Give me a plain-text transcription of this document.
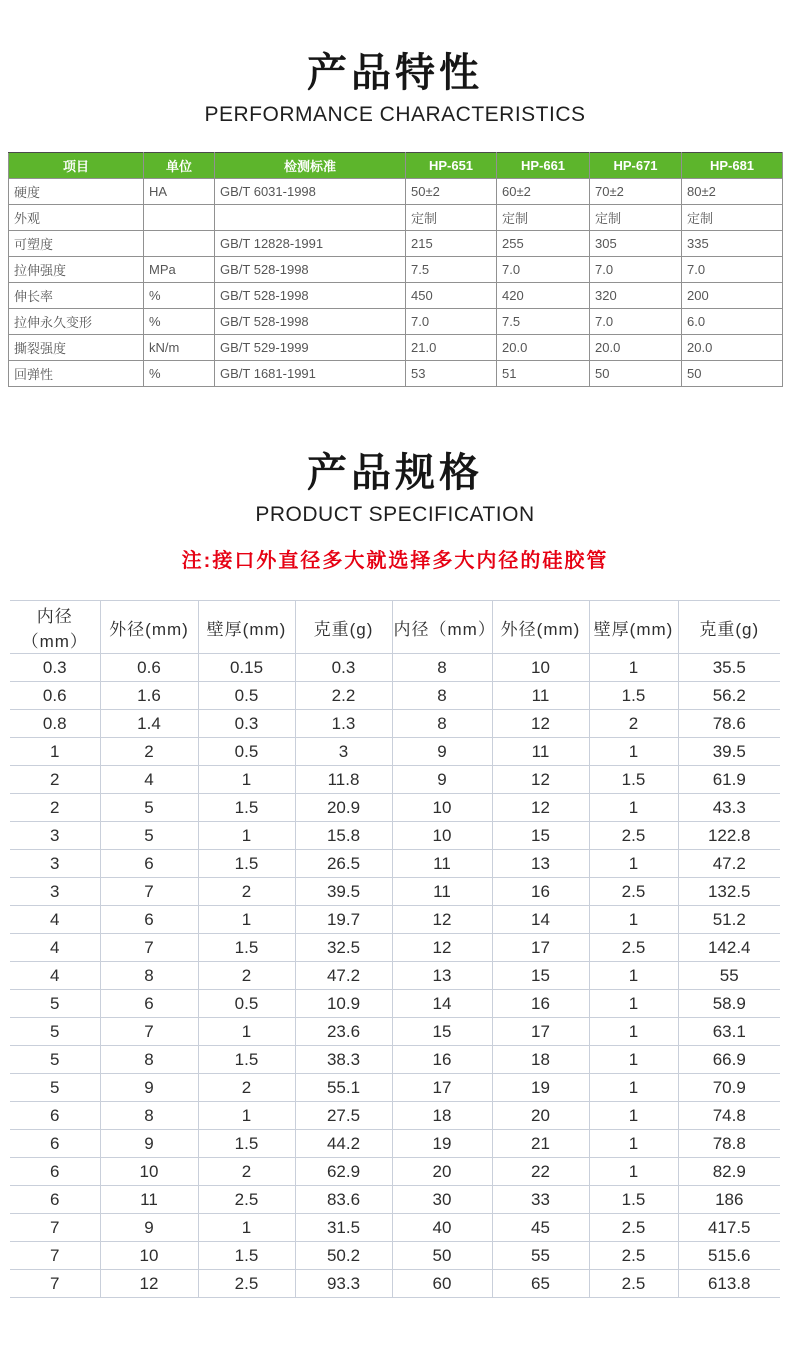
产品特性
PERFORMANCE CHARACTERISTICS
项目	单位	检测标准	HP-651	HP-661	HP-671	HP-681
硬度	HA	GB/T 6031-1998	50±2	60±2	70±2	80±2
外观			定制	定制	定制	定制
可塑度		GB/T 12828-1991	215	255	305	335
拉伸强度	MPa	GB/T 528-1998	7.5	7.0	7.0	7.0
伸长率	%	GB/T 528-1998	450	420	320	200
拉伸永久变形	%	GB/T 528-1998	7.0	7.5	7.0	6.0
撕裂强度	kN/m	GB/T 529-1999	21.0	20.0	20.0	20.0
回弹性	%	GB/T 1681-1991	53	51	50	50
产品规格
PRODUCT SPECIFICATION
注:接口外直径多大就选择多大内径的硅胶管
内径（mm）	外径(mm)	壁厚(mm)	克重(g)	内径（mm）	外径(mm)	壁厚(mm)	克重(g)
0.3	0.6	0.15	0.3	8	10	1	35.5
0.6	1.6	0.5	2.2	8	11	1.5	56.2
0.8	1.4	0.3	1.3	8	12	2	78.6
1	2	0.5	3	9	11	1	39.5
2	4	1	11.8	9	12	1.5	61.9
2	5	1.5	20.9	10	12	1	43.3
3	5	1	15.8	10	15	2.5	122.8
3	6	1.5	26.5	11	13	1	47.2
3	7	2	39.5	11	16	2.5	132.5
4	6	1	19.7	12	14	1	51.2
4	7	1.5	32.5	12	17	2.5	142.4
4	8	2	47.2	13	15	1	55
5	6	0.5	10.9	14	16	1	58.9
5	7	1	23.6	15	17	1	63.1
5	8	1.5	38.3	16	18	1	66.9
5	9	2	55.1	17	19	1	70.9
6	8	1	27.5	18	20	1	74.8
6	9	1.5	44.2	19	21	1	78.8
6	10	2	62.9	20	22	1	82.9
6	11	2.5	83.6	30	33	1.5	186
7	9	1	31.5	40	45	2.5	417.5
7	10	1.5	50.2	50	55	2.5	515.6
7	12	2.5	93.3	60	65	2.5	613.8
